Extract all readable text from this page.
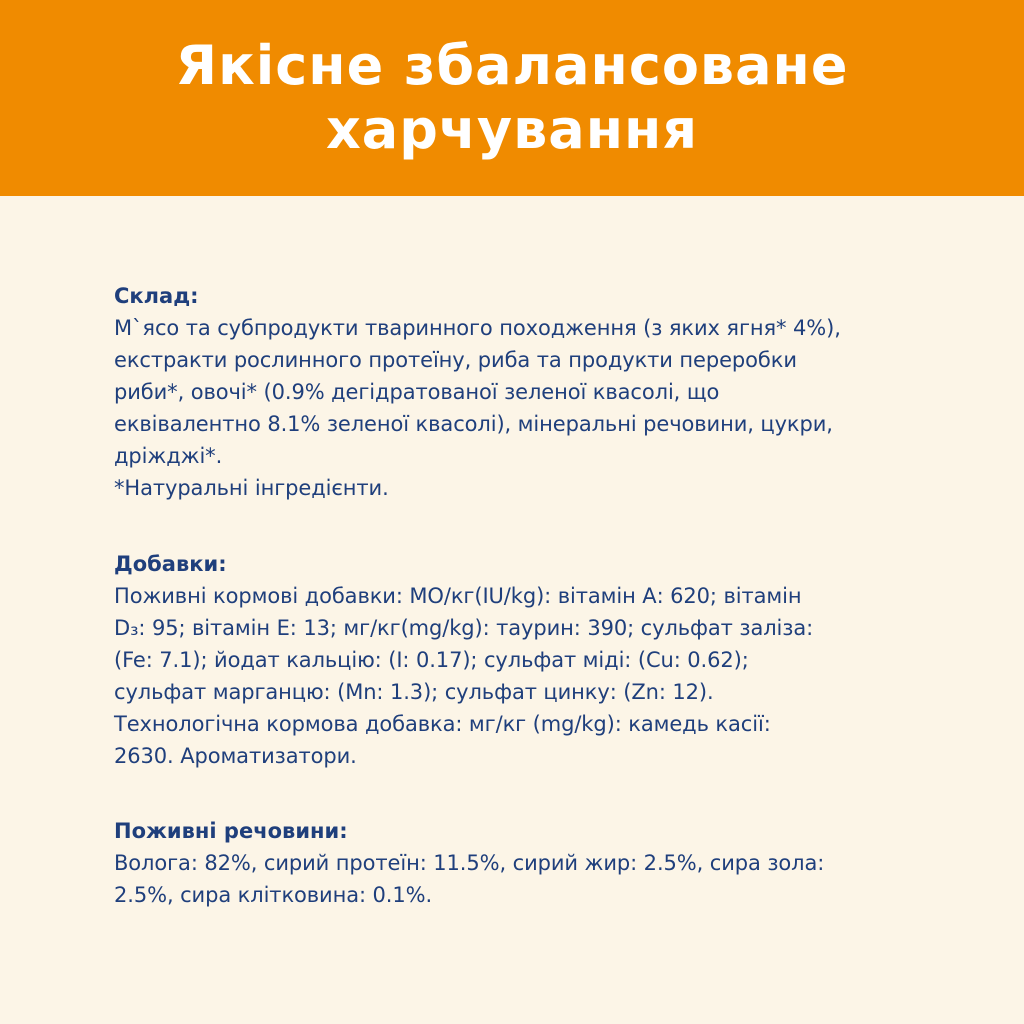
Якісне збалансоване
харчування
Склад:
М`ясо та субпродукти тваринного походження (з яких ягня* 4%),
екстракти рослинного протеїну, риба та продукти переробки
риби*, овочі* (0.9% дегідратованої зеленої квасолі, що
еквівалентно 8.1% зеленої квасолі), мінеральні речовини, цукри,
дріжджі*.
*Натуральні інгредієнти.
Добавки:
Поживні кормові добавки: МО/кг(IU/kg): вітамін А: 620; вітамін
D₃: 95; вітамін Е: 13; мг/кг(mg/kg): таурин: 390; сульфат заліза:
(Fe: 7.1); йодат кальцію: (I: 0.17); сульфат міді: (Cu: 0.62);
сульфат марганцю: (Mn: 1.3); сульфат цинку: (Zn: 12).
Технологічна кормова добавка: мг/кг (mg/kg): камедь касії:
2630. Ароматизатори.
Поживні речовини:
Волога: 82%, сирий протеїн: 11.5%, сирий жир: 2.5%, сира зола:
2.5%, сира клітковина: 0.1%.
